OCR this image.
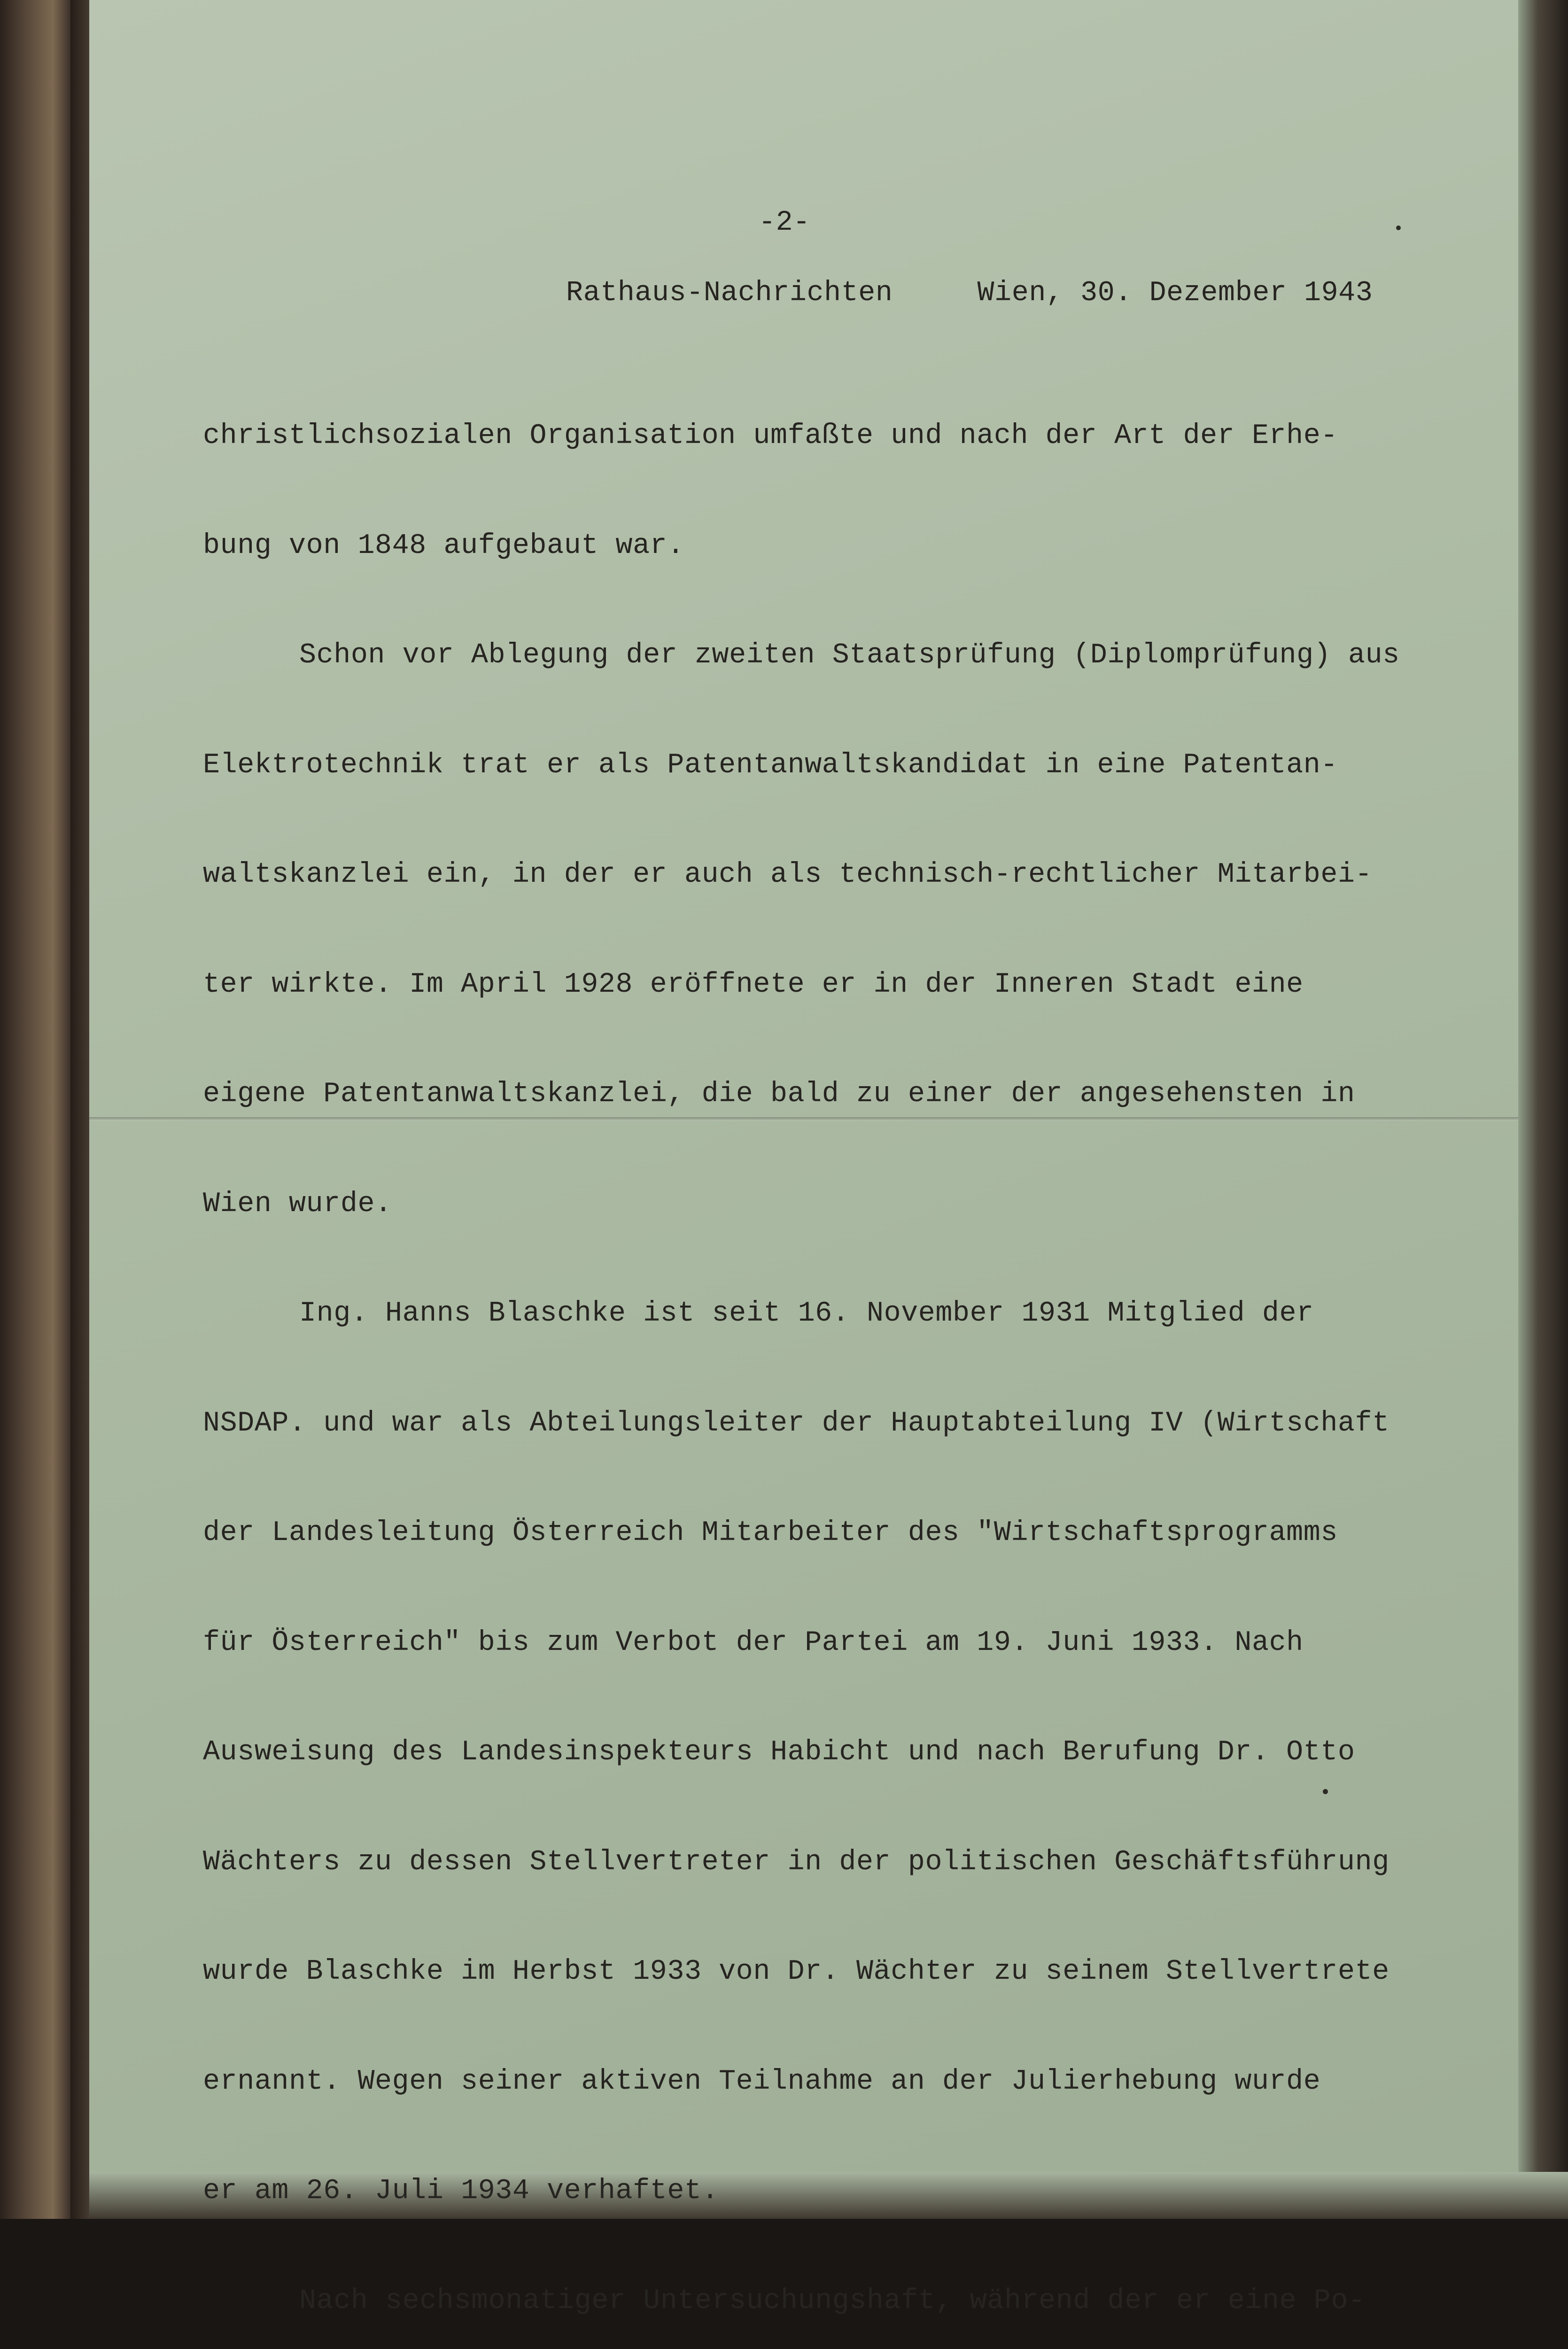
-2-
Rathaus-Nachrichten	Wien, 30. Dezember 1943

christlichsozialen Organisation umfaßte und nach der Art der Erhe-

bung von 1848 aufgebaut war.

Schon vor Ablegung der zweiten Staatsprüfung (Diplomprüfung) aus

Elektrotechnik trat er als Patentanwaltskandidat in eine Patentan-

waltskanzlei ein, in der er auch als technisch-rechtlicher Mitarbei-

ter wirkte. Im April 1928 eröffnete er in der Inneren Stadt eine

eigene Patentanwaltskanzlei, die bald zu einer der angesehensten in

Wien wurde.

Ing. Hanns Blaschke ist seit 16. November 1931 Mitglied der

NSDAP. und war als Abteilungsleiter der Hauptabteilung IV (Wirtschaft

der Landesleitung Österreich Mitarbeiter des "Wirtschaftsprogramms

für Österreich" bis zum Verbot der Partei am 19. Juni 1933. Nach

Ausweisung des Landesinspekteurs Habicht und nach Berufung Dr. Otto

Wächters zu dessen Stellvertreter in der politischen Geschäftsführung

wurde Blaschke im Herbst 1933 von Dr. Wächter zu seinem Stellvertrete

ernannt. Wegen seiner aktiven Teilnahme an der Julierhebung wurde

er am 26. Juli 1934 verhaftet.

Nach sechsmonatiger Untersuchungshaft, während der er eine Po-
